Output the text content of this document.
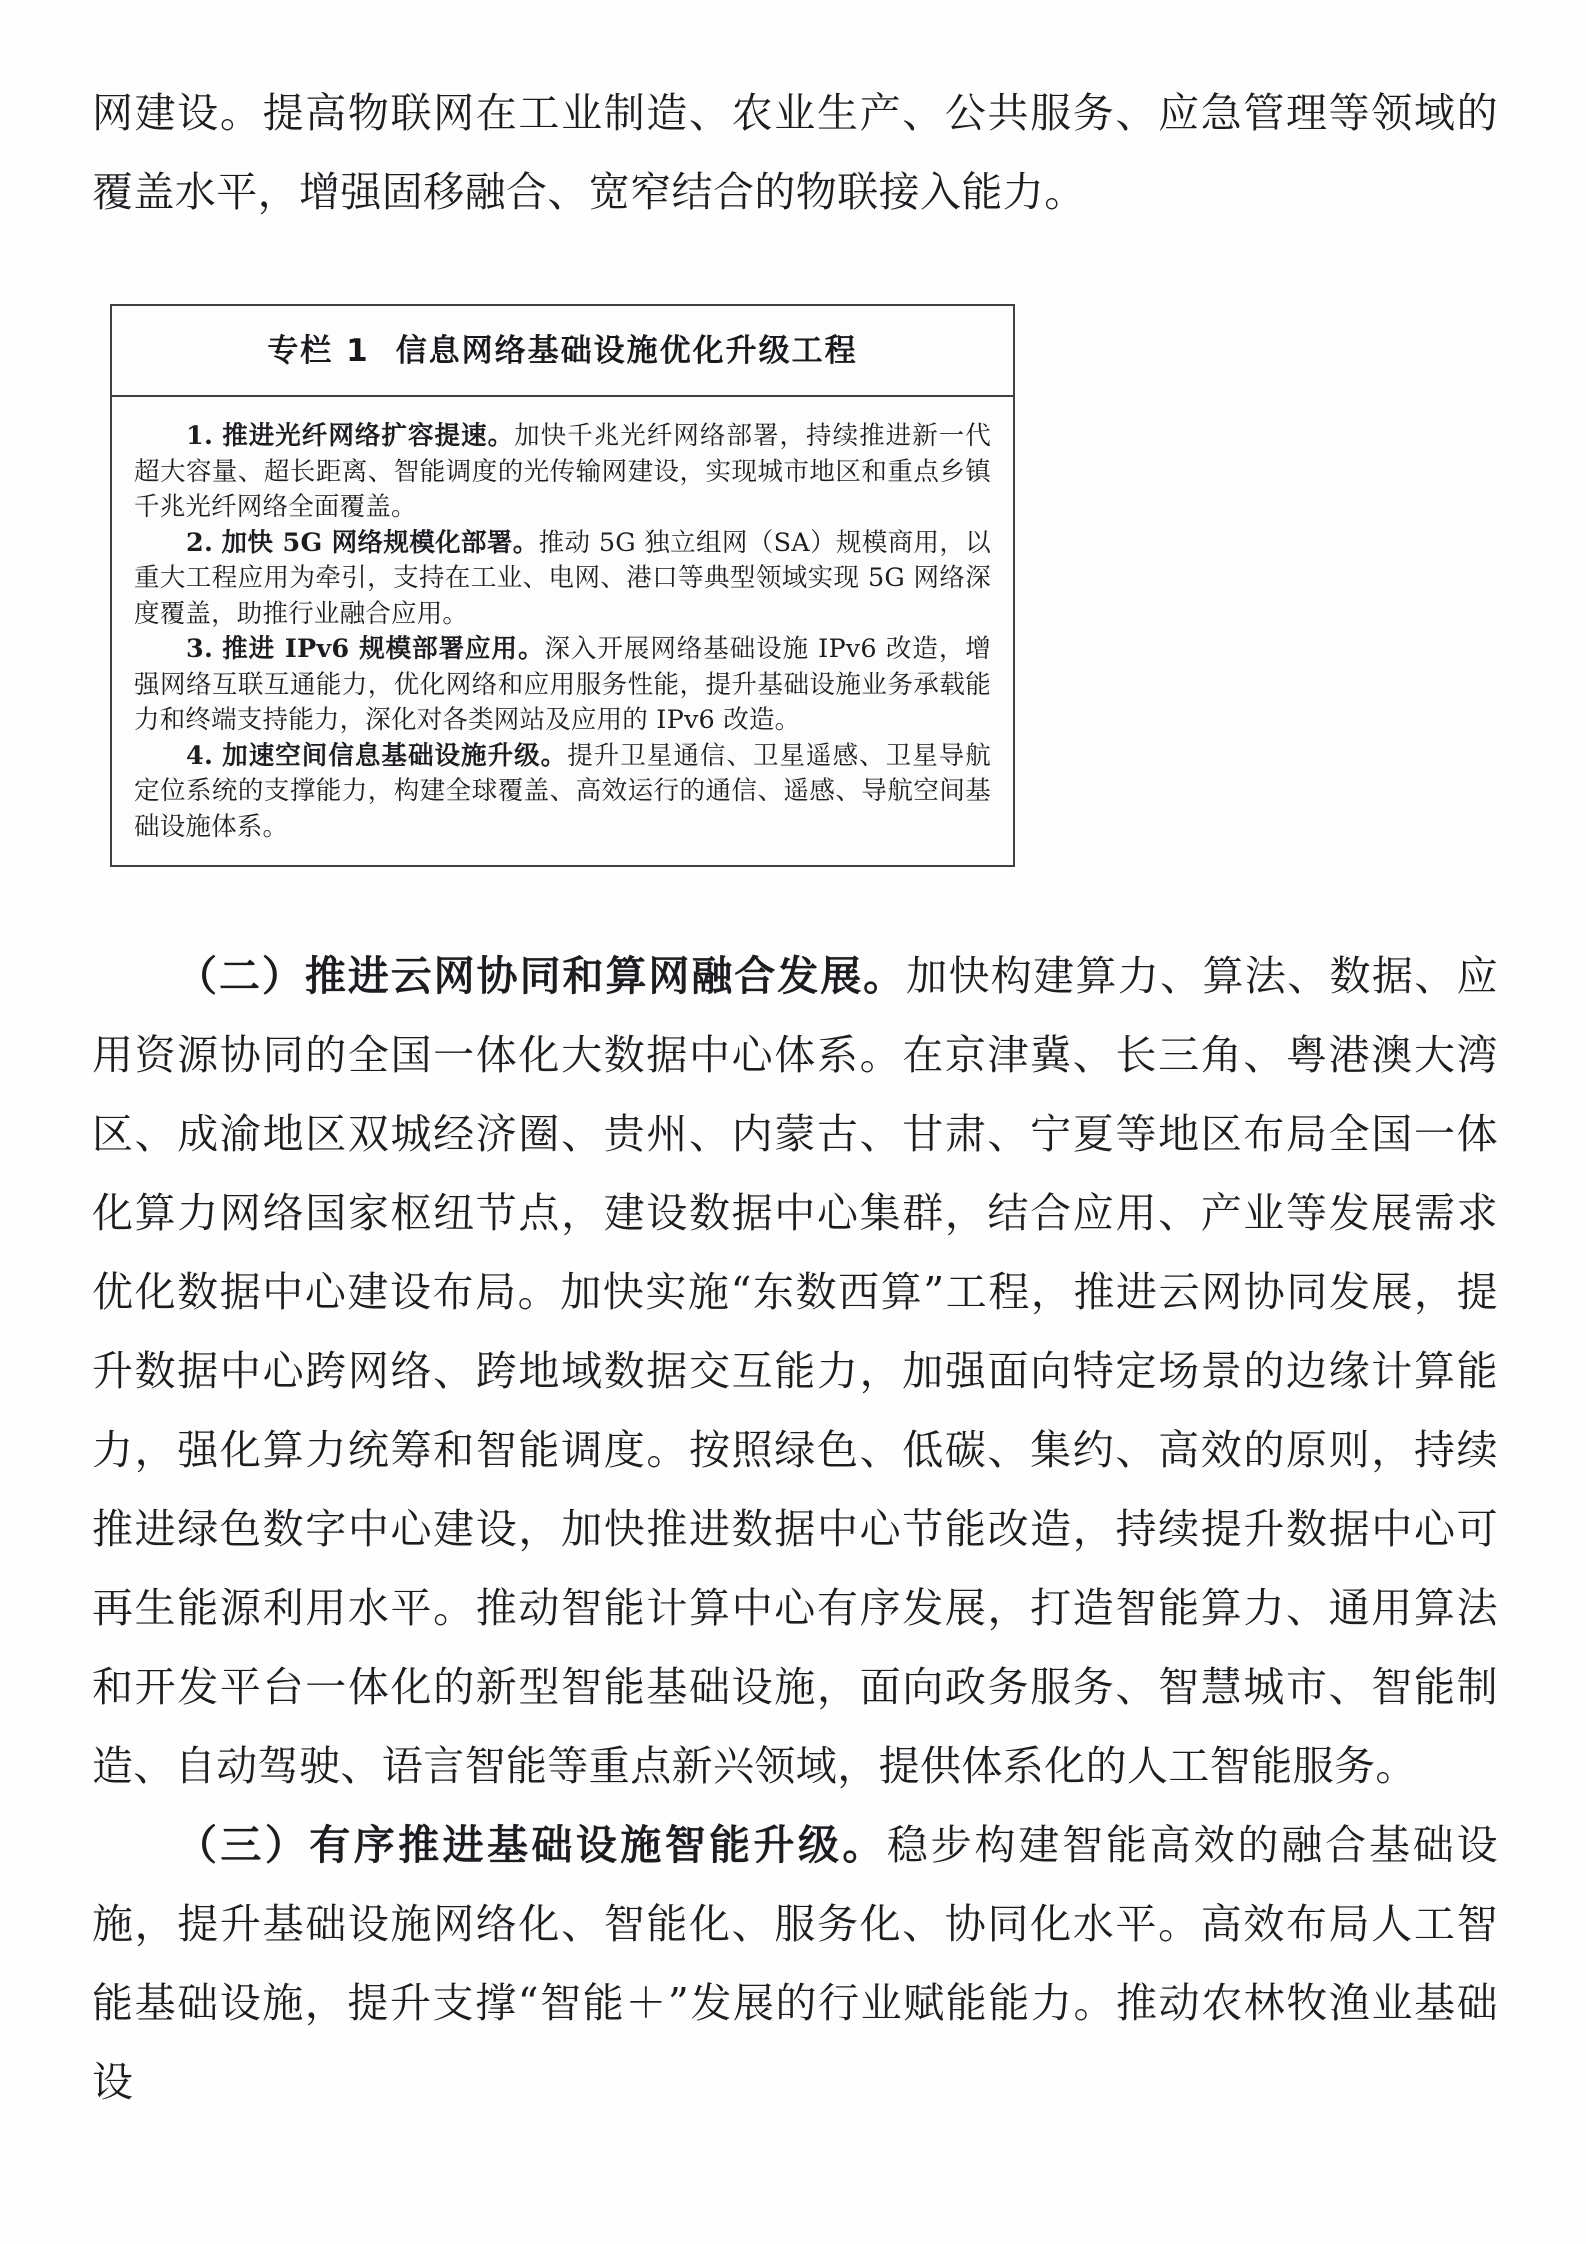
网建设。提高物联网在工业制造、农业生产、公共服务、应急管理等领域的覆盖水平，增强固移融合、宽窄结合的物联接入能力。

专栏 1 信息网络基础设施优化升级工程

1. 推进光纤网络扩容提速。加快千兆光纤网络部署，持续推进新一代超大容量、超长距离、智能调度的光传输网建设，实现城市地区和重点乡镇千兆光纤网络全面覆盖。

2. 加快 5G 网络规模化部署。推动 5G 独立组网（SA）规模商用，以重大工程应用为牵引，支持在工业、电网、港口等典型领域实现 5G 网络深度覆盖，助推行业融合应用。

3. 推进 IPv6 规模部署应用。深入开展网络基础设施 IPv6 改造，增强网络互联互通能力，优化网络和应用服务性能，提升基础设施业务承载能力和终端支持能力，深化对各类网站及应用的 IPv6 改造。

4. 加速空间信息基础设施升级。提升卫星通信、卫星遥感、卫星导航定位系统的支撑能力，构建全球覆盖、高效运行的通信、遥感、导航空间基础设施体系。

（二）推进云网协同和算网融合发展。加快构建算力、算法、数据、应用资源协同的全国一体化大数据中心体系。在京津冀、长三角、粤港澳大湾区、成渝地区双城经济圈、贵州、内蒙古、甘肃、宁夏等地区布局全国一体化算力网络国家枢纽节点，建设数据中心集群，结合应用、产业等发展需求优化数据中心建设布局。加快实施“东数西算”工程，推进云网协同发展，提升数据中心跨网络、跨地域数据交互能力，加强面向特定场景的边缘计算能力，强化算力统筹和智能调度。按照绿色、低碳、集约、高效的原则，持续推进绿色数字中心建设，加快推进数据中心节能改造，持续提升数据中心可再生能源利用水平。推动智能计算中心有序发展，打造智能算力、通用算法和开发平台一体化的新型智能基础设施，面向政务服务、智慧城市、智能制造、自动驾驶、语言智能等重点新兴领域，提供体系化的人工智能服务。

（三）有序推进基础设施智能升级。稳步构建智能高效的融合基础设施，提升基础设施网络化、智能化、服务化、协同化水平。高效布局人工智能基础设施，提升支撑“智能＋”发展的行业赋能能力。推动农林牧渔业基础设
